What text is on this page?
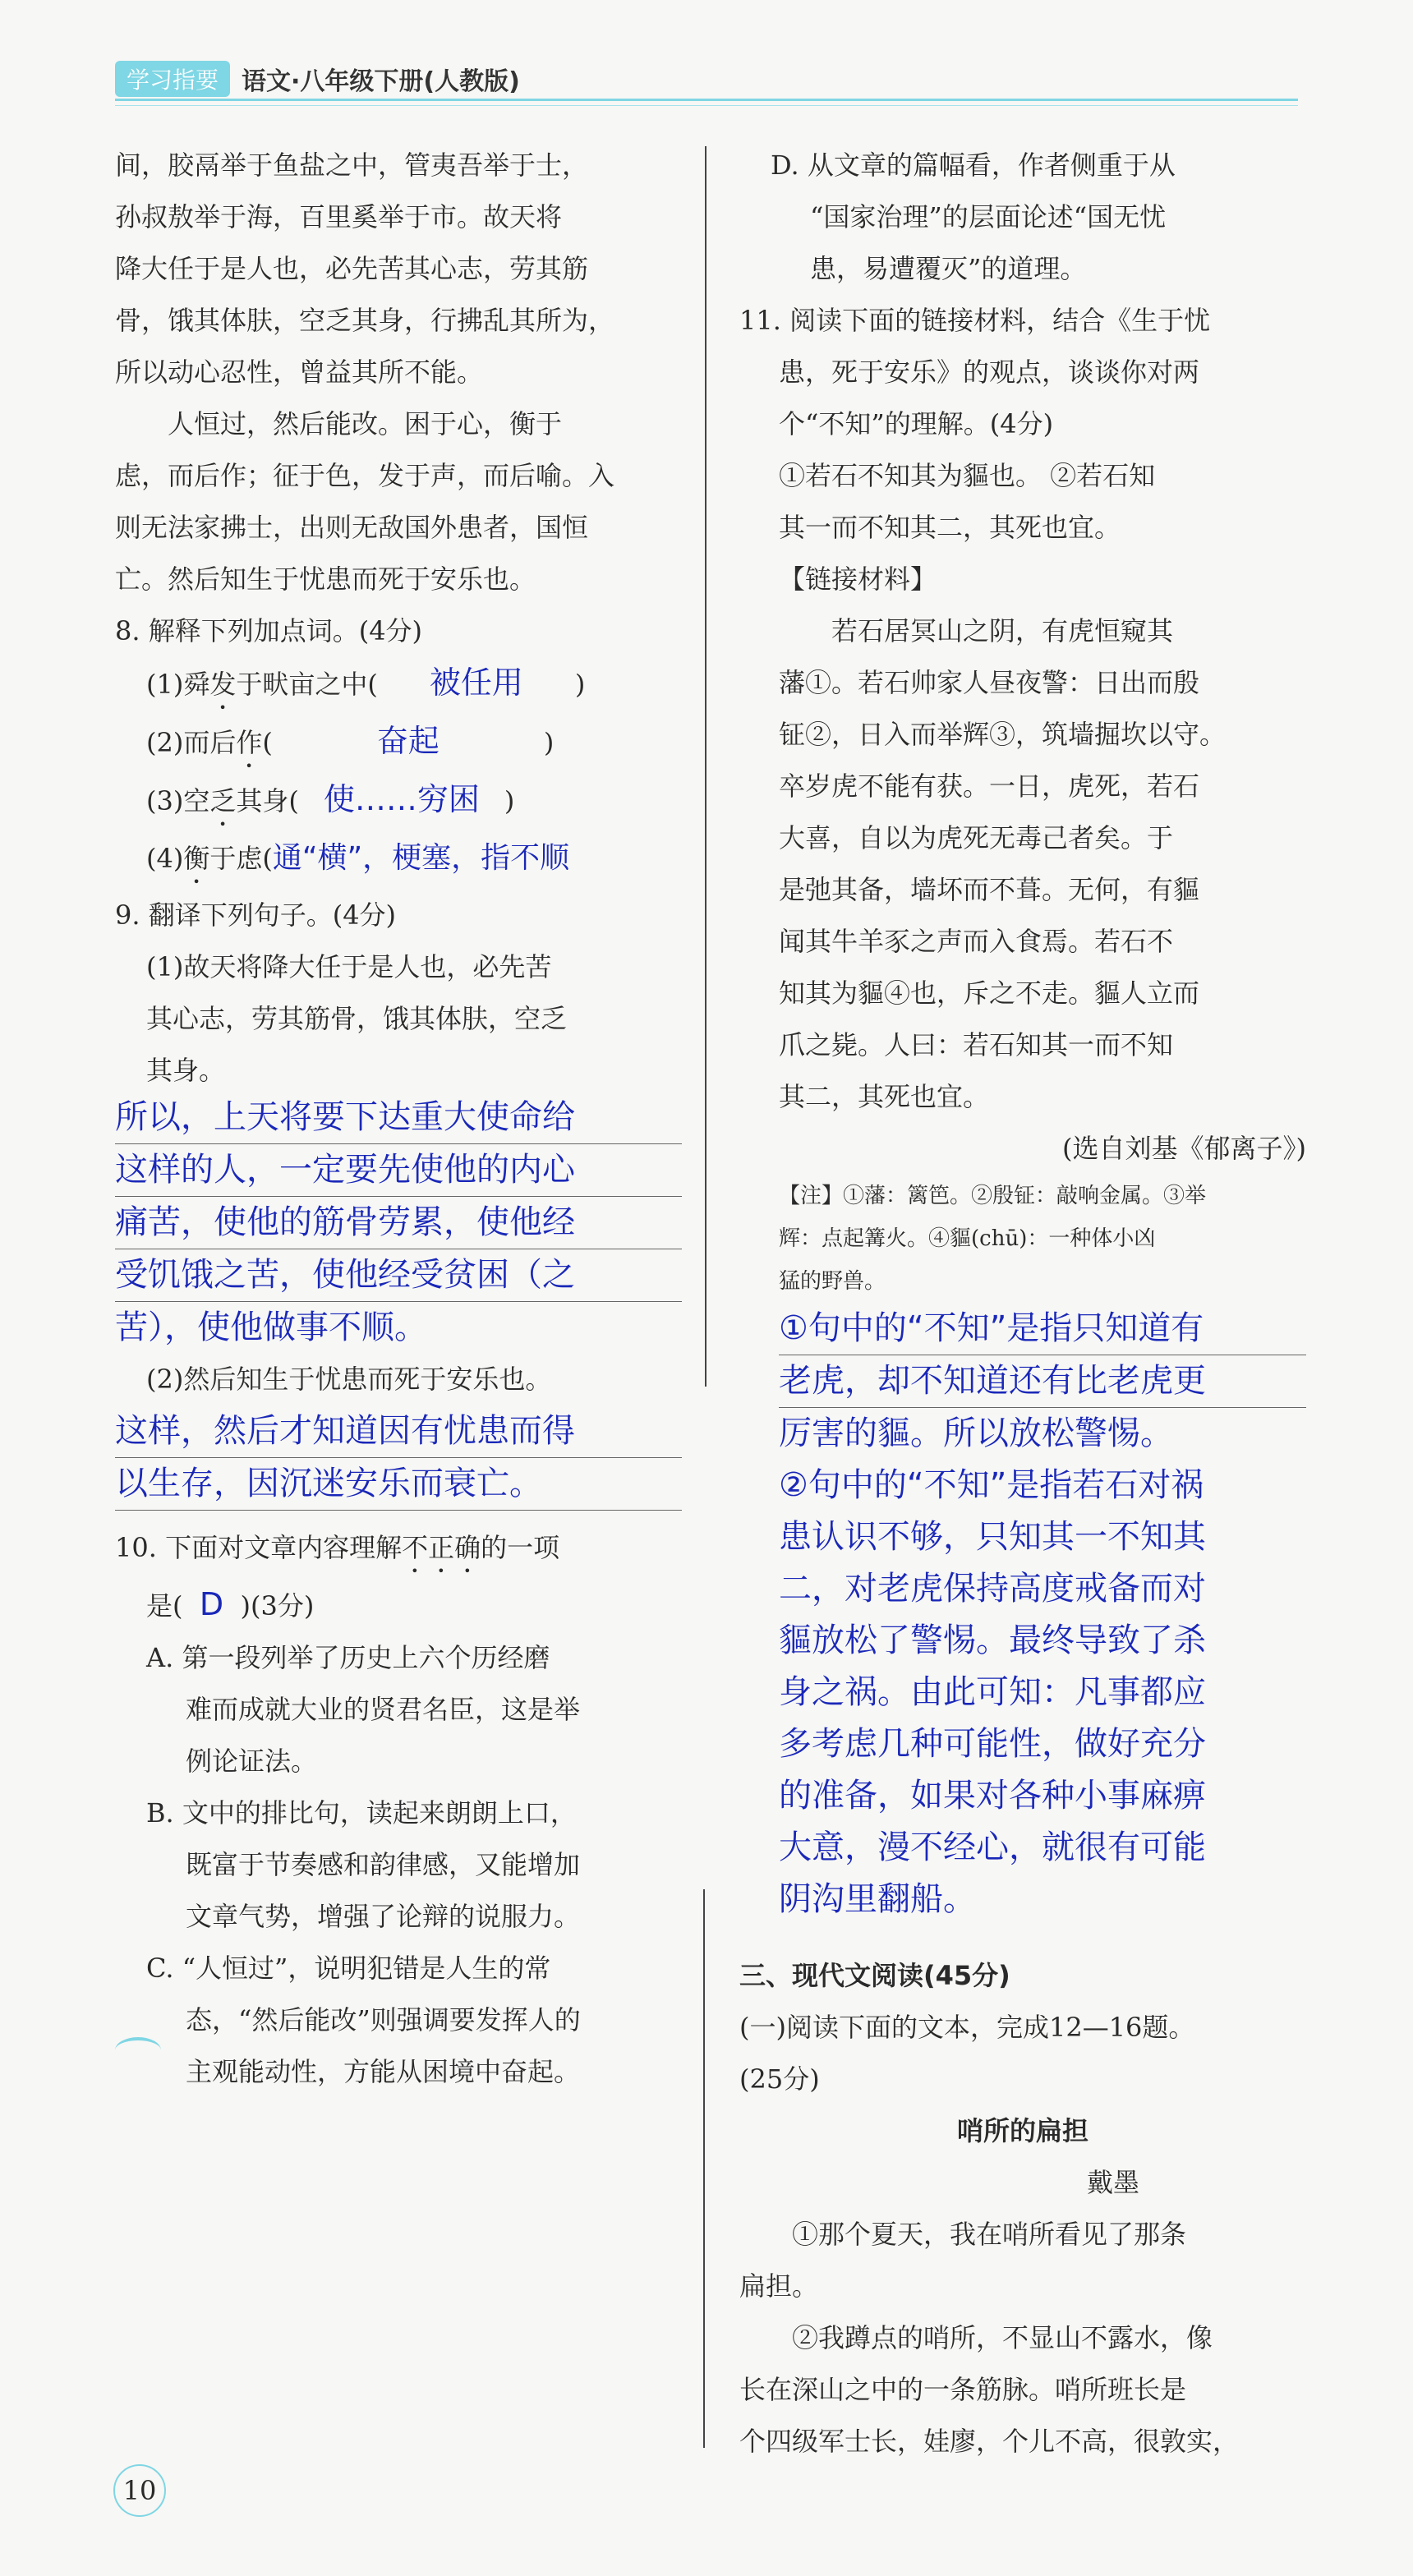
学习指要 语文·八年级下册(人教版)

间，胶鬲举于鱼盐之中，管夷吾举于士，

孙叔敖举于海，百里奚举于市。故天将

降大任于是人也，必先苦其心志，劳其筋

骨，饿其体肤，空乏其身，行拂乱其所为，

所以动心忍性，曾益其所不能。

人恒过，然后能改。困于心，衡于

虑，而后作；征于色，发于声，而后喻。入

则无法家拂士，出则无敌国外患者，国恒

亡。然后知生于忧患而死于安乐也。

8. 解释下列加点词。(4分)

(1)舜发于畎亩之中( 被任用 )

(2)而后作(	奋起	)

(3)空乏其身( 使……穷困 )

(4)衡于虑(通“横”，梗塞，指不顺

9. 翻译下列句子。(4分)

(1)故天将降大任于是人也，必先苦

其心志，劳其筋骨，饿其体肤，空乏

其身。

所以，上天将要下达重大使命给

这样的人，一定要先使他的内心

痛苦，使他的筋骨劳累，使他经

受饥饿之苦，使他经受贫困（之

苦），使他做事不顺。

(2)然后知生于忧患而死于安乐也。

这样，然后才知道因有忧患而得

以生存，因沉迷安乐而衰亡。

10. 下面对文章内容理解不正确的一项

是( D )(3分)

A. 第一段列举了历史上六个历经磨

难而成就大业的贤君名臣，这是举

例论证法。

B. 文中的排比句，读起来朗朗上口，

既富于节奏感和韵律感，又能增加

文章气势，增强了论辩的说服力。

C. “人恒过”，说明犯错是人生的常

态，“然后能改”则强调要发挥人的

主观能动性，方能从困境中奋起。

D. 从文章的篇幅看，作者侧重于从

“国家治理”的层面论述“国无忧

患，易遭覆灭”的道理。

11. 阅读下面的链接材料，结合《生于忧

患，死于安乐》的观点，谈谈你对两

个“不知”的理解。(4分)

①若石不知其为貙也。 ②若石知

其一而不知其二，其死也宜。

【链接材料】

若石居冥山之阴，有虎恒窥其

藩①。若石帅家人昼夜警：日出而殷

钲②，日入而举辉③，筑墙掘坎以守。

卒岁虎不能有获。一日，虎死，若石

大喜，自以为虎死无毒己者矣。于

是弛其备，墙坏而不葺。无何，有貙

闻其牛羊豕之声而入食焉。若石不

知其为貙④也，斥之不走。貙人立而

爪之毙。人曰：若石知其一而不知

其二，其死也宜。

(选自刘基《郁离子》)

【注】①藩：篱笆。②殷钲：敲响金属。③举

辉：点起篝火。④貙(chū)：一种体小凶

猛的野兽。

①句中的“不知”是指只知道有

老虎，却不知道还有比老虎更

厉害的貙。所以放松警惕。

②句中的“不知”是指若石对祸

患认识不够，只知其一不知其

二，对老虎保持高度戒备而对

貙放松了警惕。最终导致了杀

身之祸。由此可知：凡事都应

多考虑几种可能性，做好充分

的准备，如果对各种小事麻痹

大意，漫不经心，就很有可能

阴沟里翻船。

三、现代文阅读(45分)

(一)阅读下面的文本，完成12—16题。

(25分)

哨所的扁担

戴墨

①那个夏天，我在哨所看见了那条

扁担。

②我蹲点的哨所，不显山不露水，像

长在深山之中的一条筋脉。哨所班长是

个四级军士长，娃廖，个儿不高，很敦实，

10
